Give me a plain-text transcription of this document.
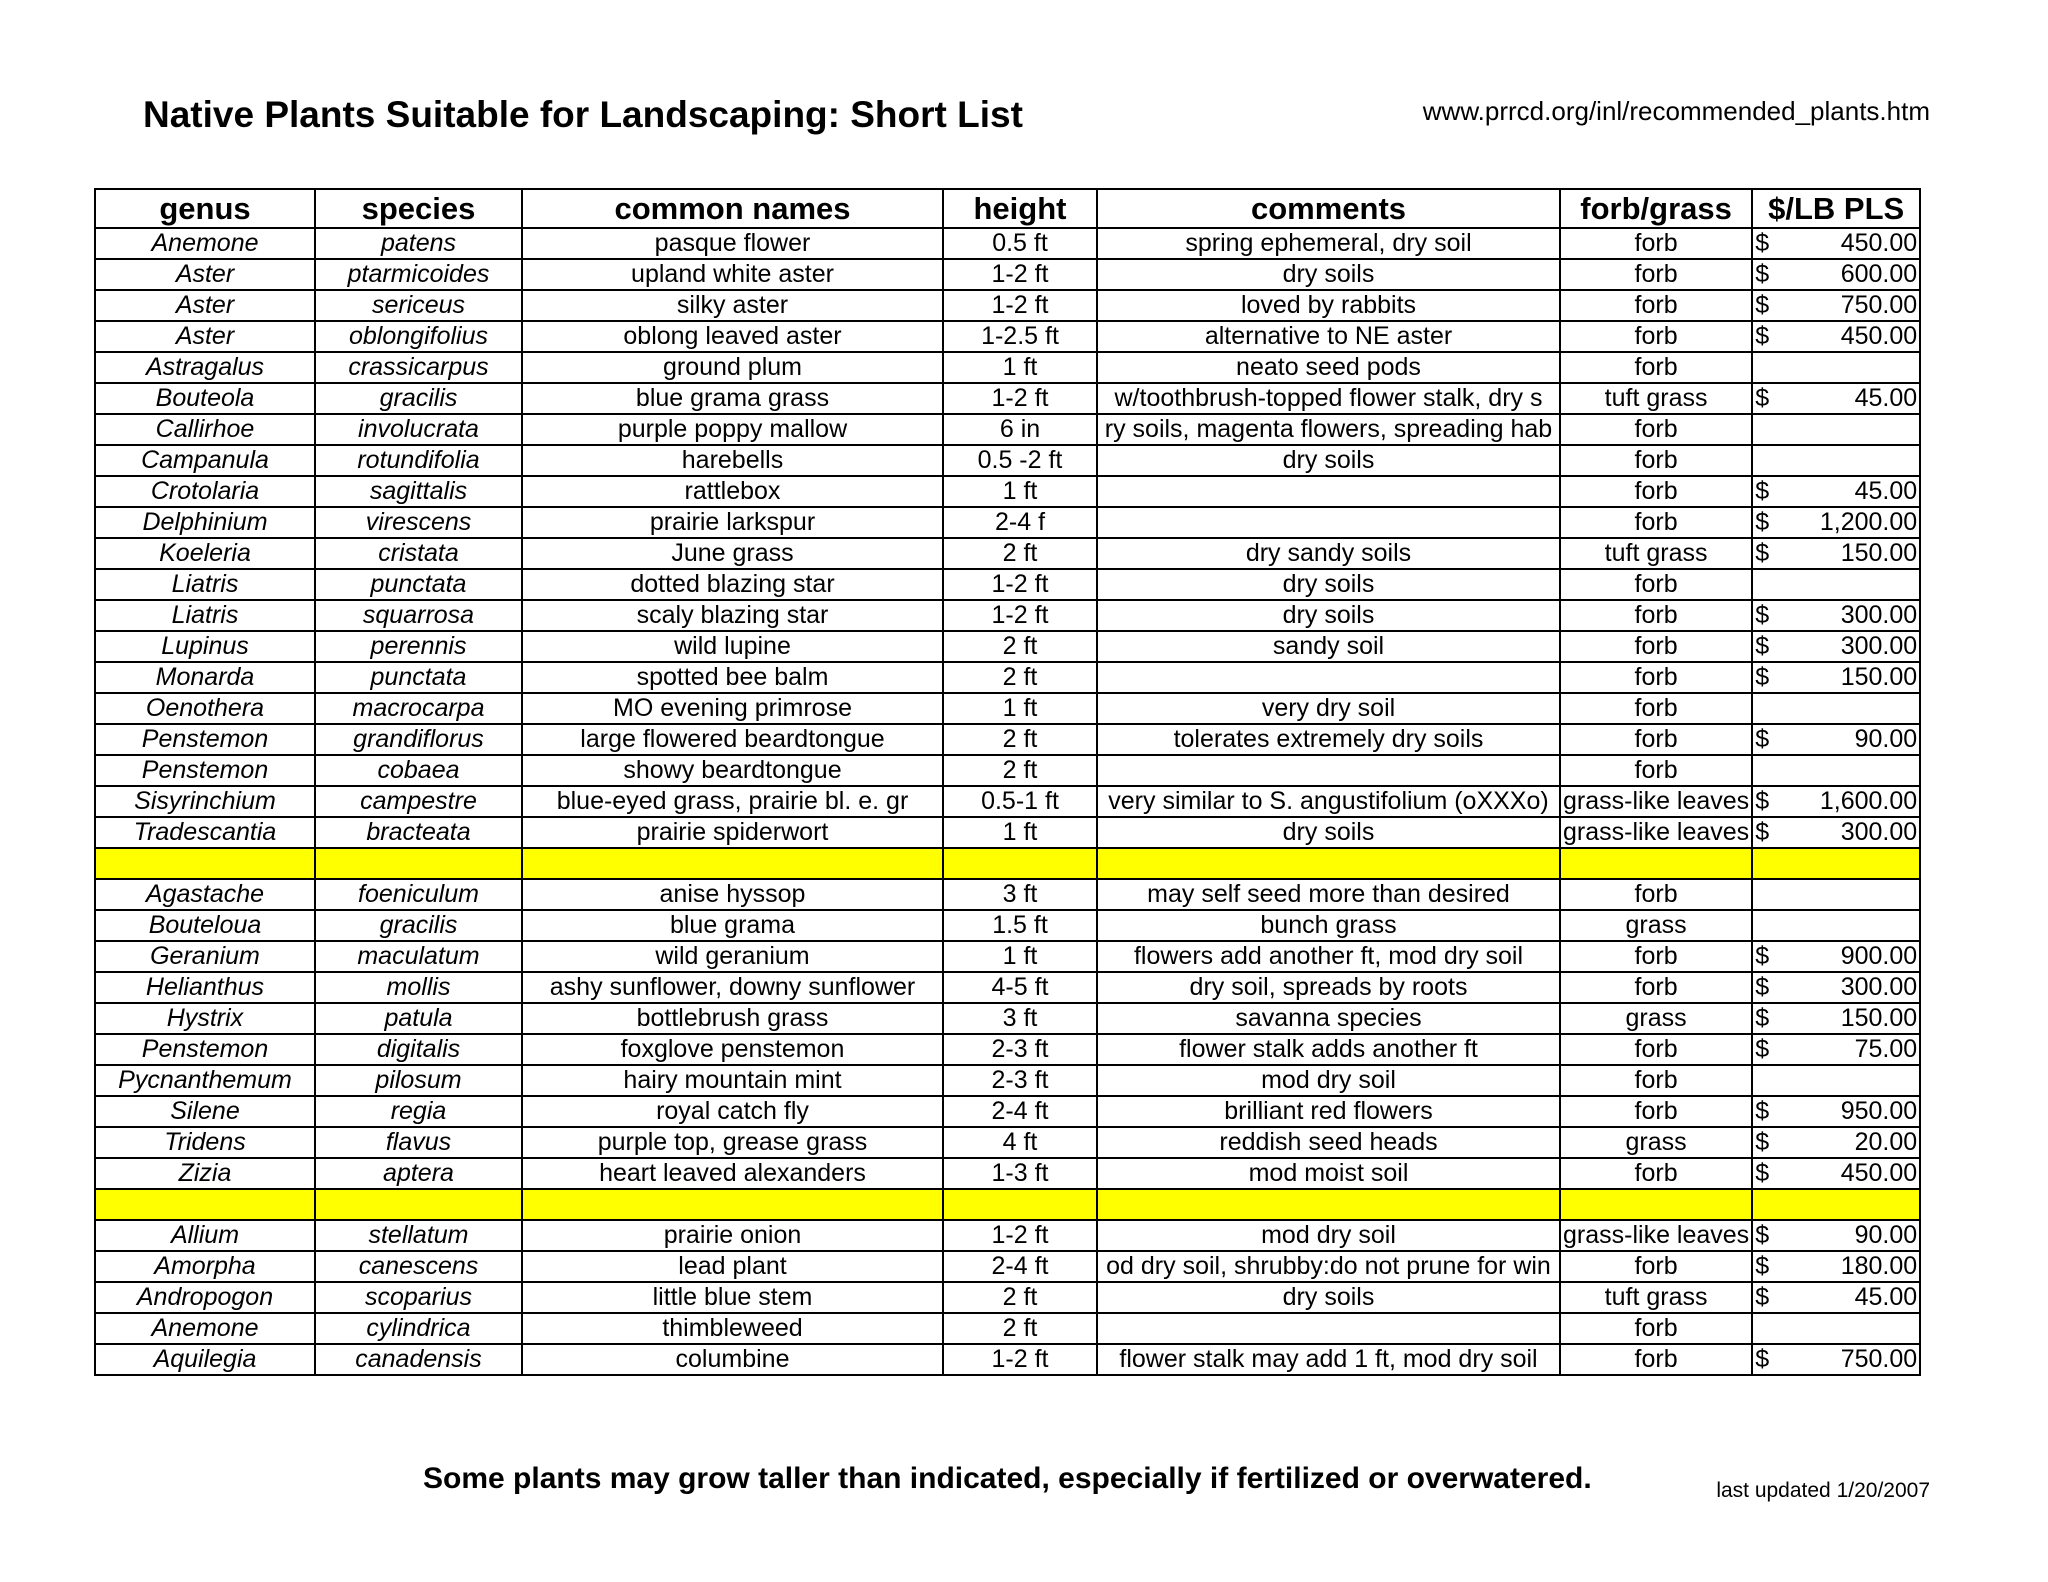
Native Plants Suitable for Landscaping: Short List	www.prrcd.org/inl/recommended_plants.htm
genus	species	common names	height	comments	forb/grass	$/LB PLS
Anemone	patens	pasque flower	0.5 ft	spring ephemeral, dry soil	forb	$ 450.00

Aster	ptarmicoides	upland white aster	1-2 ft	dry soils	forb	$ 600.00

Aster	sericeus	silky aster	1-2 ft	loved by rabbits	forb	$ 750.00

Aster	oblongifolius	oblong leaved aster	1-2.5 ft	alternative to NE aster	forb	$ 450.00

Astragalus	crassicarpus	ground plum	1 ft	neato seed pods	forb	
Bouteola	gracilis	blue grama grass	1-2 ft	w/toothbrush-topped flower stalk, dry s	tuft grass	$ 45.00

Callirhoe	involucrata	purple poppy mallow	6 in	ry soils, magenta flowers, spreading hab	forb	
Campanula	rotundifolia	harebells	0.5 -2 ft	dry soils	forb	
Crotolaria	sagittalis	rattlebox	1 ft		forb	$ 45.00

Delphinium	virescens	prairie larkspur	2-4 f		forb	$ 1,200.00

Koeleria	cristata	June grass	2 ft	dry sandy soils	tuft grass	$ 150.00

Liatris	punctata	dotted blazing star	1-2 ft	dry soils	forb	
Liatris	squarrosa	scaly blazing star	1-2 ft	dry soils	forb	$ 300.00

Lupinus	perennis	wild lupine	2 ft	sandy soil	forb	$ 300.00

Monarda	punctata	spotted bee balm	2 ft		forb	$ 150.00

Oenothera	macrocarpa	MO evening primrose	1 ft	very dry soil	forb	
Penstemon	grandiflorus	large flowered beardtongue	2 ft	tolerates extremely dry soils	forb	$ 90.00

Penstemon	cobaea	showy beardtongue	2 ft		forb	
Sisyrinchium	campestre	blue-eyed grass, prairie bl. e. gr	0.5-1 ft	very similar to S. angustifolium (oXXXo)	grass-like leaves	$ 1,600.00

Tradescantia	bracteata	prairie spiderwort	1 ft	dry soils	grass-like leaves	$ 300.00

Agastache	foeniculum	anise hyssop	3 ft	may self seed more than desired	forb	
Bouteloua	gracilis	blue grama	1.5 ft	bunch grass	grass	
Geranium	maculatum	wild geranium	1 ft	flowers add another ft, mod dry soil	forb	$ 900.00

Helianthus	mollis	ashy sunflower, downy sunflower	4-5 ft	dry soil, spreads by roots	forb	$ 300.00

Hystrix	patula	bottlebrush grass	3 ft	savanna species	grass	$ 150.00

Penstemon	digitalis	foxglove penstemon	2-3 ft	flower stalk adds another ft	forb	$ 75.00

Pycnanthemum	pilosum	hairy mountain mint	2-3 ft	mod dry soil	forb	
Silene	regia	royal catch fly	2-4 ft	brilliant red flowers	forb	$ 950.00

Tridens	flavus	purple top, grease grass	4 ft	reddish seed heads	grass	$ 20.00

Zizia	aptera	heart leaved alexanders	1-3 ft	mod moist soil	forb	$ 450.00

Allium	stellatum	prairie onion	1-2 ft	mod dry soil	grass-like leaves	$ 90.00

Amorpha	canescens	lead plant	2-4 ft	od dry soil, shrubby:do not prune for win	forb	$ 180.00

Andropogon	scoparius	little blue stem	2 ft	dry soils	tuft grass	$ 45.00

Anemone	cylindrica	thimbleweed	2 ft		forb	
Aquilegia	canadensis	columbine	1-2 ft	flower stalk may add 1 ft, mod dry soil	forb	$ 750.00
Some plants may grow taller than indicated, especially if fertilized or overwatered.	last updated 1/20/2007
